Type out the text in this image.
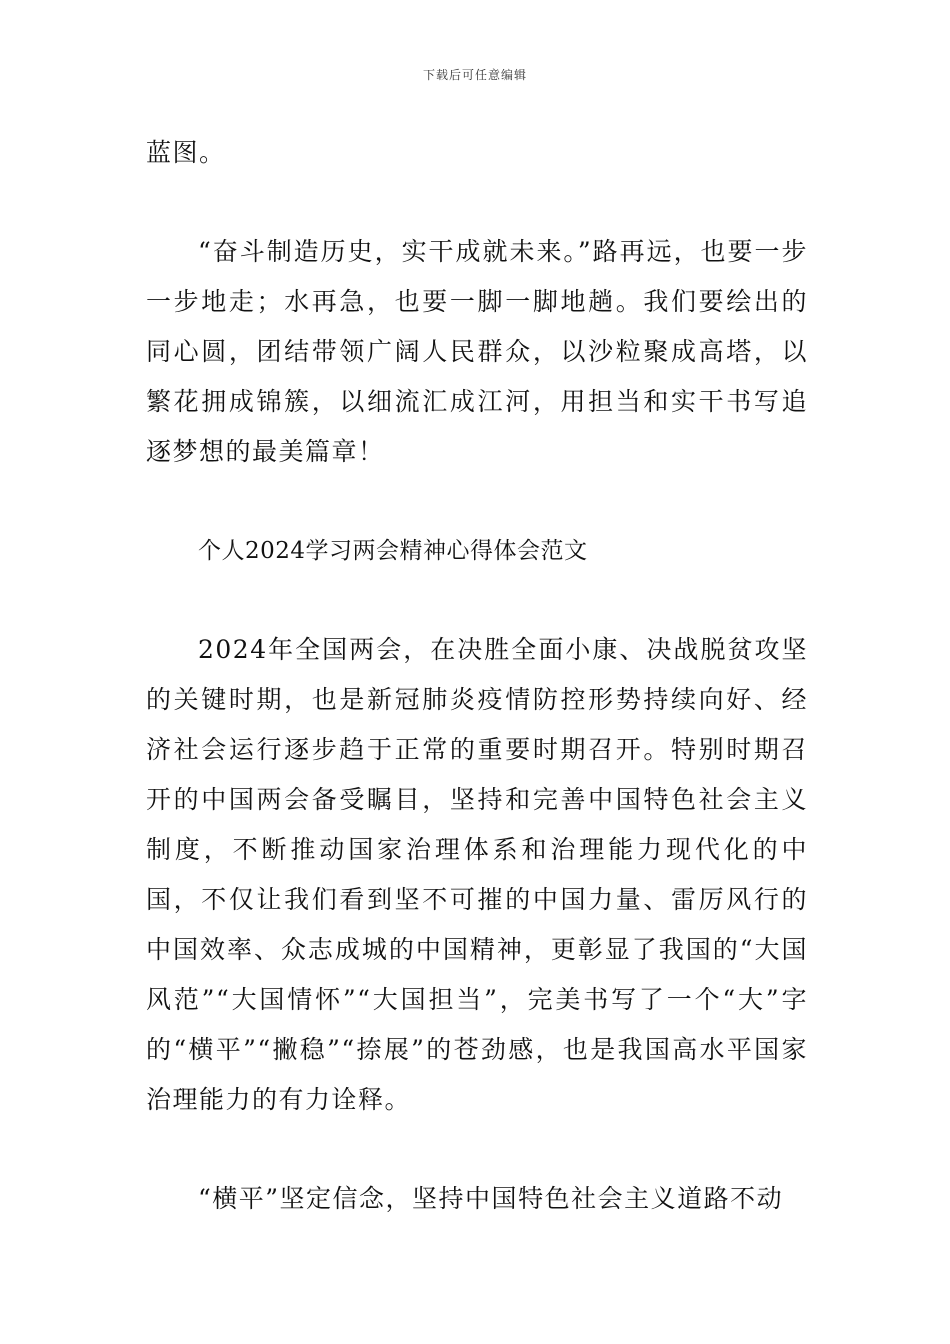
下载后可任意编辑

蓝图。

“奋斗制造历史，实干成就未来。”路再远，也要一步一步地走；水再急，也要一脚一脚地趟。我们要绘出的同心圆，团结带领广阔人民群众，以沙粒聚成高塔，以繁花拥成锦簇，以细流汇成江河，用担当和实干书写追逐梦想的最美篇章！

个人2024学习两会精神心得体会范文

2024年全国两会，在决胜全面小康、决战脱贫攻坚的关键时期，也是新冠肺炎疫情防控形势持续向好、经济社会运行逐步趋于正常的重要时期召开。特别时期召开的中国两会备受瞩目，坚持和完善中国特色社会主义制度，不断推动国家治理体系和治理能力现代化的中国，不仅让我们看到坚不可摧的中国力量、雷厉风行的中国效率、众志成城的中国精神，更彰显了我国的“大国风范”“大国情怀”“大国担当”，完美书写了一个“大”字的“横平”“撇稳”“捺展”的苍劲感，也是我国高水平国家治理能力的有力诠释。

“横平”坚定信念，坚持中国特色社会主义道路不动
